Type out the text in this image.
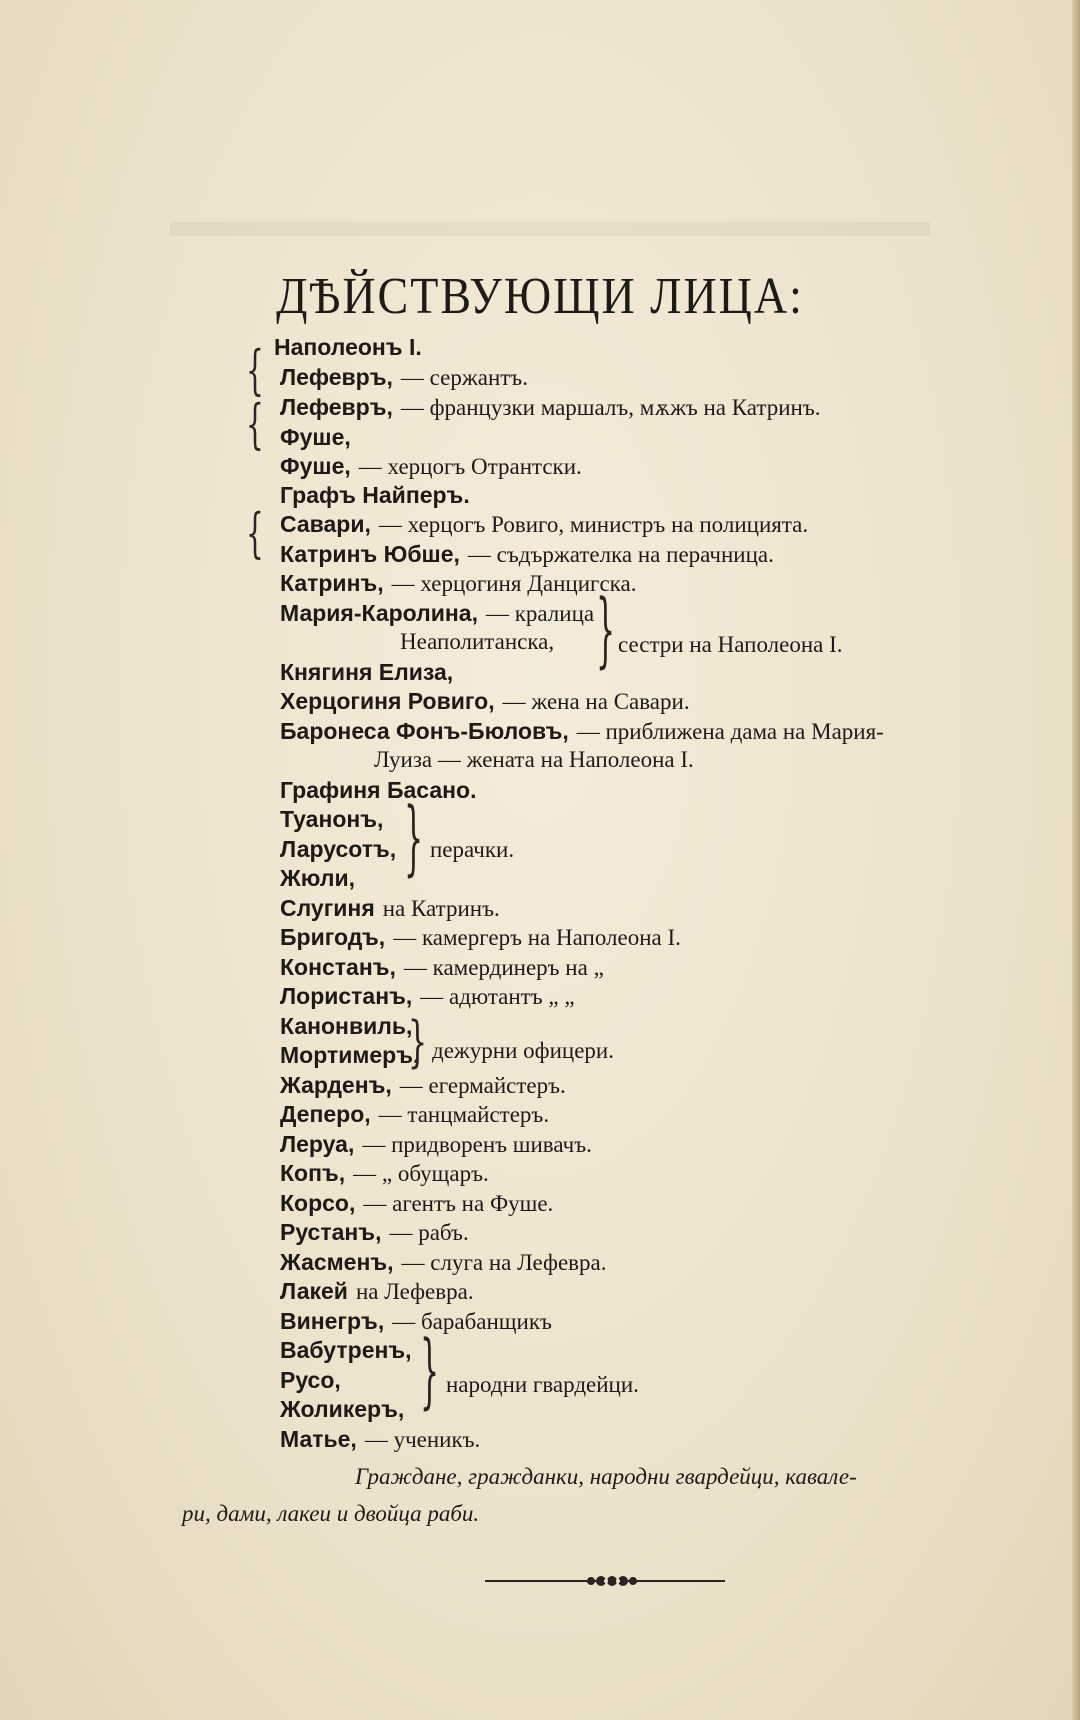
ДѢЙСТВУЮЩИ ЛИЦА:
Наполеонъ I.
Лефевръ, — сержантъ.
Лефевръ, — французки маршалъ, мѫжъ на Катринъ.
Фуше,
Фуше, — херцогъ Отрантски.
Графъ Найперъ.
Савари, — херцогъ Ровиго, министръ на полицията.
Катринъ Юбше, — съдържателка на перачница.
Катринъ, — херцогиня Данцигска.
Мария-Каролина, — кралица
Неаполитанска,
Княгиня Елиза,
Херцогиня Ровиго, — жена на Савари.
Баронеса Фонъ-Бюловъ, — приближена дама на Мария-
Луиза — жената на Наполеона I.
Графиня Басано.
Туанонъ,
Ларусотъ,
Жюли,
Слугиня на Катринъ.
Бригодъ, — камергеръ на Наполеона I.
Констанъ, — камердинеръ на „
Лористанъ, — адютантъ „ „
Канонвиль,
Мортимеръ,
Жарденъ, — егермайстеръ.
Деперо, — танцмайстеръ.
Леруа, — придворенъ шивачъ.
Копъ, — „ обущаръ.
Корсо, — агентъ на Фуше.
Рустанъ, — рабъ.
Жасменъ, — слуга на Лефевра.
Лакей на Лефевра.
Винегръ, — барабанщикъ
Вабутренъ,
Русо,
Жоликеръ,
Матье, — ученикъ.
{
{
{
} сестри на Наполеона I.
} перачки.
} дежурни офицери.
} народни гвардейци.
Граждане, гражданки, народни гвардейци, кавале-
ри, дами, лакеи и двойца раби.
